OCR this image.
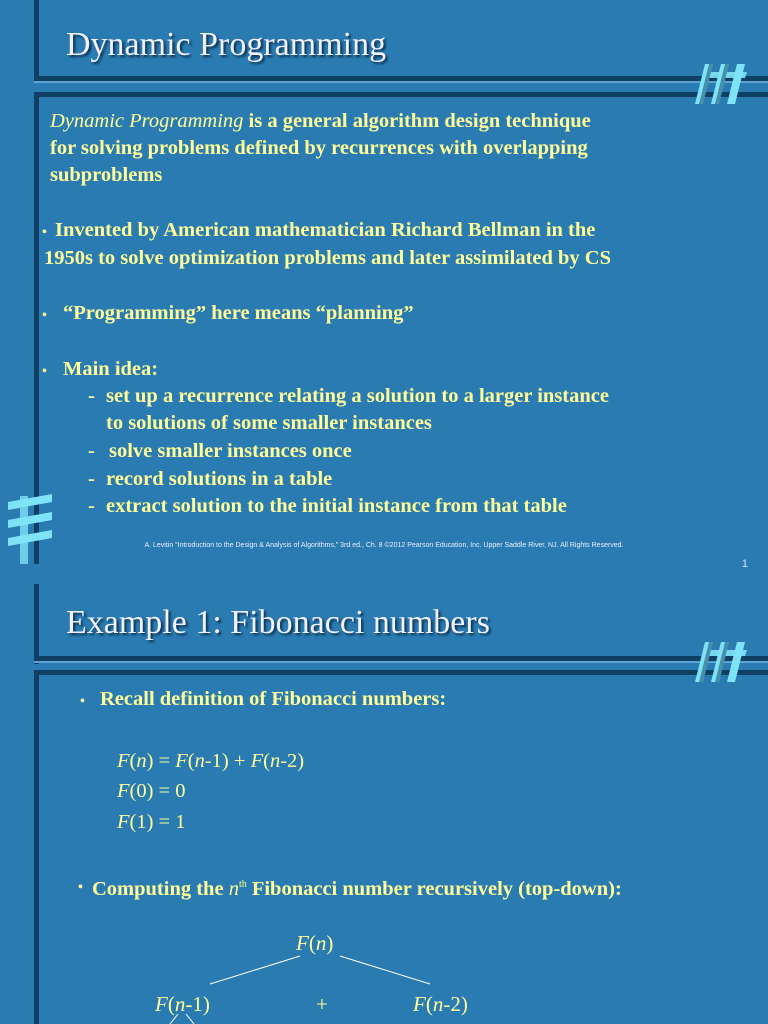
Dynamic Programming
Dynamic Programming is a general algorithm design technique
for solving problems defined by recurrences with overlapping
subproblems
• Invented by American mathematician Richard Bellman in the
1950s to solve optimization problems and later assimilated by CS
• “Programming” here means “planning”
• Main idea:
- set up a recurrence relating a solution to a larger instance
to solutions of some smaller instances
- solve smaller instances once
- record solutions in a table
- extract solution to the initial instance from that table
A. Levitin “Introduction to the Design & Analysis of Algorithms,” 3rd ed., Ch. 8 ©2012 Pearson Education, Inc. Upper Saddle River, NJ. All Rights Reserved.
1
Example 1: Fibonacci numbers
• Recall definition of Fibonacci numbers:
F(n) = F(n-1) + F(n-2)
F(0) = 0
F(1) = 1
• Computing the $n^{th}$ Fibonacci number recursively (top-down):
F(n)
F(n-1)	+	F(n-2)
